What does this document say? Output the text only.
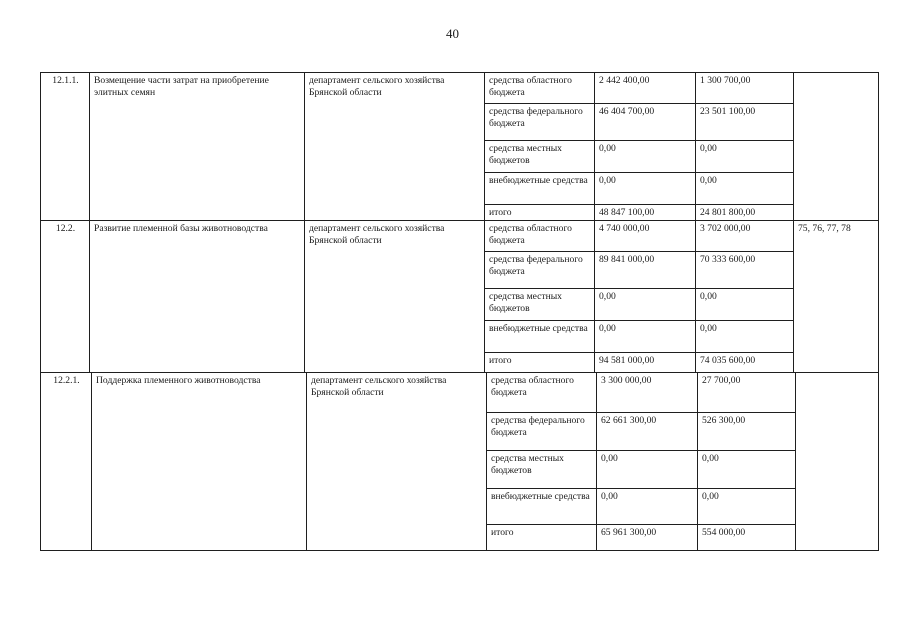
40
12.1.1.	Возмещение части затрат на приобретение элитных семян	департамент сельского хозяйства Брянской области	средства областного бюджета	2 442 400,00	1 300 700,00	
			средства федерального бюджета	46 404 700,00	23 501 100,00	
			средства местных бюджетов	0,00	0,00	
			внебюджетные средства	0,00	0,00	
			итого	48 847 100,00	24 801 800,00	
12.2.	Развитие племенной базы животноводства	департамент сельского хозяйства Брянской области	средства областного бюджета	4 740 000,00	3 702 000,00	75, 76, 77, 78
			средства федерального бюджета	89 841 000,00	70 333 600,00	
			средства местных бюджетов	0,00	0,00	
			внебюджетные средства	0,00	0,00	
			итого	94 581 000,00	74 035 600,00	
12.2.1.	Поддержка племенного животноводства	департамент сельского хозяйства Брянской области	средства областного бюджета	3 300 000,00	27 700,00	
			средства федерального бюджета	62 661 300,00	526 300,00	
			средства местных бюджетов	0,00	0,00	
			внебюджетные средства	0,00	0,00	
			итого	65 961 300,00	554 000,00	
